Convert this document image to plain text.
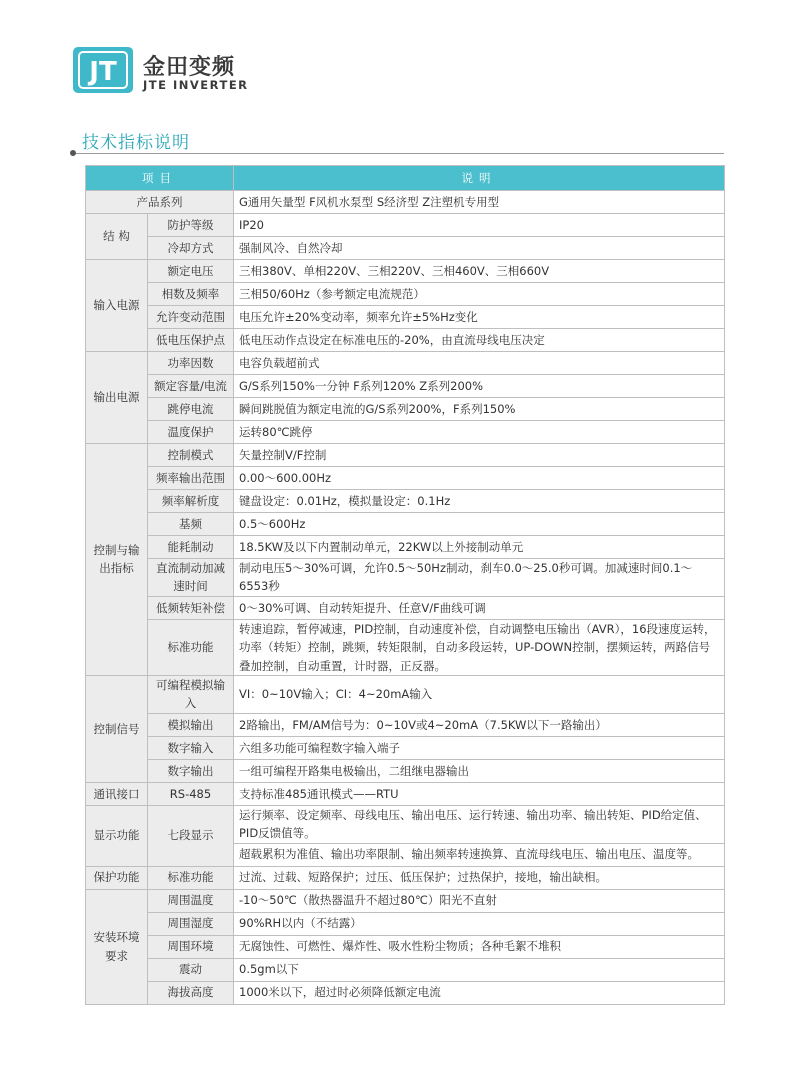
JT
®
金田变频
JTE INVERTER
技术指标说明
项目		说明
产品系列		G通用矢量型 F风机水泵型 S经济型 Z注塑机专用型
结 构	防护等级	IP20
	冷却方式	强制风冷、自然冷却
输入电源	额定电压	三相380V、单相220V、三相220V、三相460V、三相660V
	相数及频率	三相50/60Hz（参考额定电流规范）
	允许变动范围	电压允许±20%变动率，频率允许±5%Hz变化
	低电压保护点	低电压动作点设定在标准电压的-20%，由直流母线电压决定
输出电源	功率因数	电容负载超前式
	额定容量/电流	G/S系列150%一分钟 F系列120% Z系列200%
	跳停电流	瞬间跳脱值为额定电流的G/S系列200%，F系列150%
	温度保护	运转80℃跳停
控制与输出指标	控制模式	矢量控制V/F控制
	频率输出范围	0.00～600.00Hz
	频率解析度	键盘设定：0.01Hz，模拟量设定：0.1Hz
	基频	0.5～600Hz
	能耗制动	18.5KW及以下内置制动单元，22KW以上外接制动单元
	直流制动加减速时间	制动电压5～30%可调，允许0.5～50Hz制动，刹车0.0～25.0秒可调。加减速时间0.1～6553秒
	低频转矩补偿	0～30%可调、自动转矩提升、任意V/F曲线可调
	标准功能	转速追踪，暂停减速，PID控制，自动速度补偿，自动调整电压输出（AVR），16段速度运转，功率（转矩）控制，跳频，转矩限制，自动多段运转，UP-DOWN控制，摆频运转，两路信号叠加控制，自动重置，计时器，正反器。
控制信号	可编程模拟输入	VI：0~10V输入；CI：4~20mA输入
	模拟输出	2路输出，FM/AM信号为：0~10V或4~20mA（7.5KW以下一路输出）
	数字输入	六组多功能可编程数字输入端子
	数字输出	一组可编程开路集电极输出，二组继电器输出
通讯接口	RS-485	支持标准485通讯模式——RTU
显示功能	七段显示	运行频率、设定频率、母线电压、输出电压、运行转速、输出功率、输出转矩、PID给定值、PID反馈值等。
		超载累积为准值、输出功率限制、输出频率转速换算、直流母线电压、输出电压、温度等。
保护功能	标准功能	过流、过载、短路保护；过压、低压保护；过热保护，接地，输出缺相。
安装环境要求	周围温度	-10～50℃（散热器温升不超过80℃）阳光不直射
	周围湿度	90%RH以内（不结露）
	周围环境	无腐蚀性、可燃性、爆炸性、吸水性粉尘物质；各种毛絮不堆积
	震动	0.5gm以下
	海拔高度	1000米以下，超过时必须降低额定电流
